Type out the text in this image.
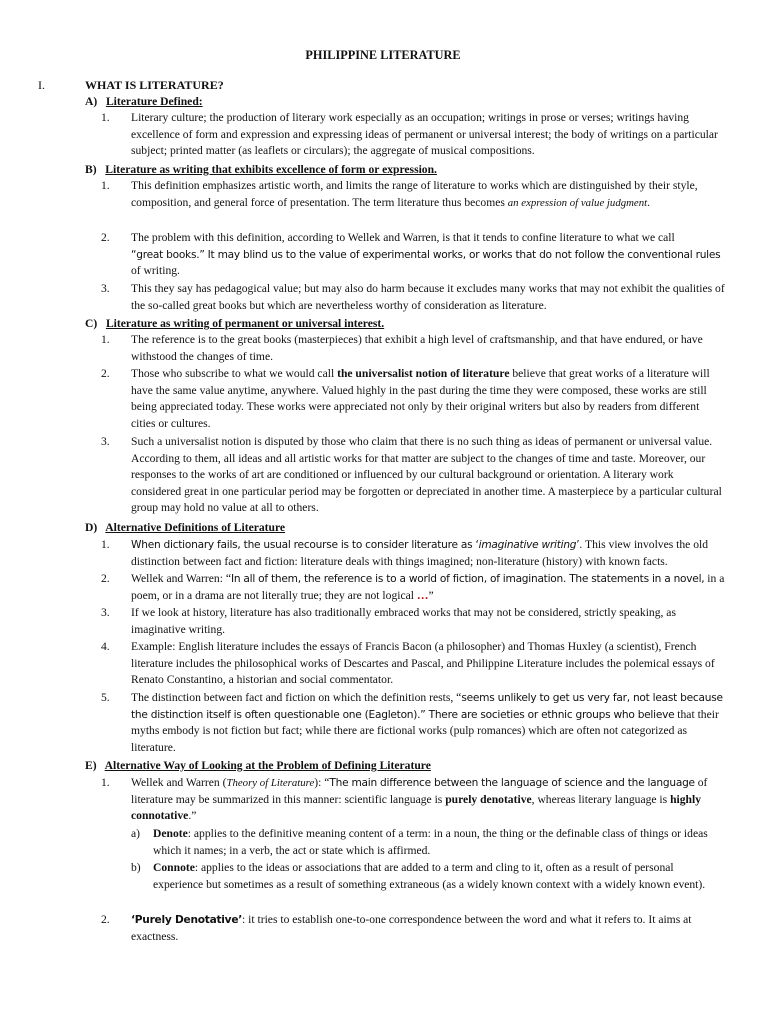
PHILIPPINE LITERATURE
I.	WHAT IS LITERATURE?
A) Literature Defined:
1. Literary culture; the production of literary work especially as an occupation; writings in prose or verses; writings having excellence of form and expression and expressing ideas of permanent or universal interest; the body of writings on a particular subject; printed matter (as leaflets or circulars); the aggregate of musical compositions.
B) Literature as writing that exhibits excellence of form or expression.
1. This definition emphasizes artistic worth, and limits the range of literature to works which are distinguished by their style, composition, and general force of presentation. The term literature thus becomes an expression of value judgment.
2. The problem with this definition, according to Wellek and Warren, is that it tends to confine literature to what we call
“great books.” It may blind us to the value of experimental works, or works that do not follow the conventional rules
of writing.
3. This they say has pedagogical value; but may also do harm because it excludes many works that may not exhibit the qualities of the so-called great books but which are nevertheless worthy of consideration as literature.
C) Literature as writing of permanent or universal interest.
1. The reference is to the great books (masterpieces) that exhibit a high level of craftsmanship, and that have endured, or have withstood the changes of time.
2. Those who subscribe to what we would call the universalist notion of literature believe that great works of a literature will have the same value anytime, anywhere. Valued highly in the past during the time they were composed, these works are still being appreciated today. These works were appreciated not only by their original writers but also by readers from different cities or cultures.
3. Such a universalist notion is disputed by those who claim that there is no such thing as ideas of permanent or universal value. According to them, all ideas and all artistic works for that matter are subject to the changes of time and taste. Moreover, our responses to the works of art are conditioned or influenced by our cultural background or orientation. A literary work considered great in one particular period may be forgotten or depreciated in another time. A masterpiece by a particular cultural group may hold no value at all to others.
D) Alternative Definitions of Literature
1. When dictionary fails, the usual recourse is to consider literature as ‘imaginative writing’. This view involves the old distinction between fact and fiction: literature deals with things imagined; non-literature (history) with known facts.
2. Wellek and Warren: “In all of them, the reference is to a world of fiction, of imagination. The statements in a novel, in a poem, or in a drama are not literally true; they are not logical …”
3. If we look at history, literature has also traditionally embraced works that may not be considered, strictly speaking, as imaginative writing.
4. Example: English literature includes the essays of Francis Bacon (a philosopher) and Thomas Huxley (a scientist), French literature includes the philosophical works of Descartes and Pascal, and Philippine Literature includes the polemical essays of Renato Constantino, a historian and social commentator.
5. The distinction between fact and fiction on which the definition rests, “seems unlikely to get us very far, not least because the distinction itself is often questionable one (Eagleton).” There are societies or ethnic groups who believe that their myths embody is not fiction but fact; while there are fictional works (pulp romances) which are often not categorized as literature.
E) Alternative Way of Looking at the Problem of Defining Literature
1. Wellek and Warren (Theory of Literature): “The main difference between the language of science and the language of literature may be summarized in this manner: scientific language is purely denotative, whereas literary language is highly connotative.”
a) Denote: applies to the definitive meaning content of a term: in a noun, the thing or the definable class of things or ideas which it names; in a verb, the act or state which is affirmed.
b) Connote: applies to the ideas or associations that are added to a term and cling to it, often as a result of personal experience but sometimes as a result of something extraneous (as a widely known context with a widely known event).
2. ‘Purely Denotative’: it tries to establish one-to-one correspondence between the word and what it refers to. It aims at exactness.
